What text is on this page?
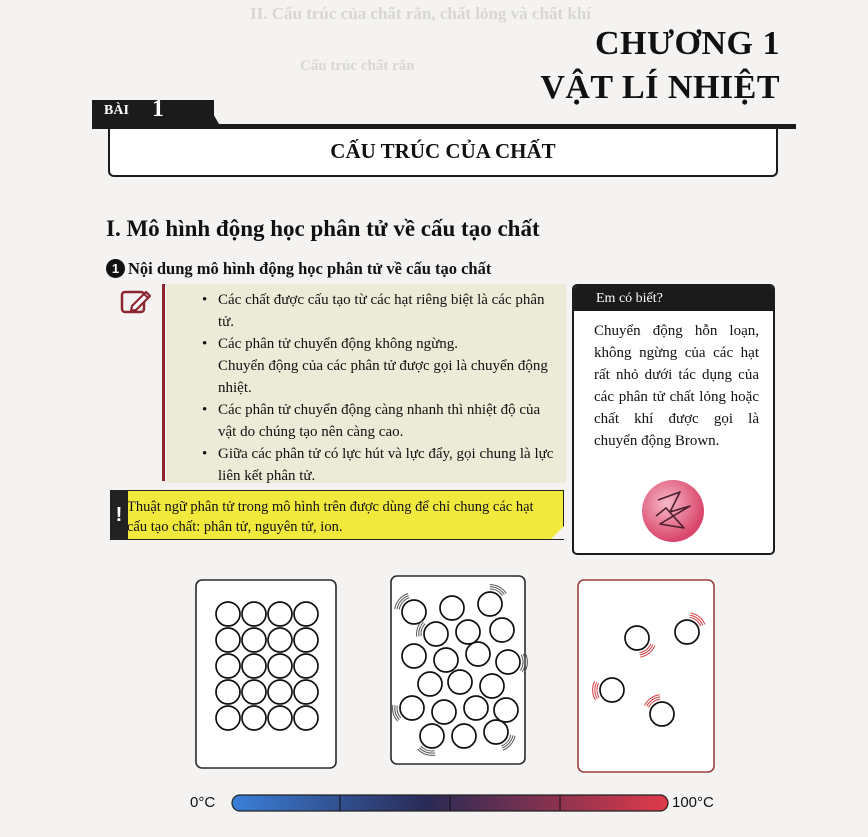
II. Cấu trúc của chất rắn, chất lỏng và chất khí
Cấu trúc chất rắn
CHƯƠNG 1
VẬT LÍ NHIỆT
BÀI 1
CẤU TRÚC CỦA CHẤT
I. Mô hình động học phân tử về cấu tạo chất
1 Nội dung mô hình động học phân tử về cấu tạo chất
• Các chất được cấu tạo từ các hạt riêng biệt là các phân tử.
• Các phân tử chuyển động không ngừng.
Chuyển động của các phân tử được gọi là chuyển động nhiệt.
• Các phân tử chuyển động càng nhanh thì nhiệt độ của vật do chúng tạo nên càng cao.
• Giữa các phân tử có lực hút và lực đẩy, gọi chung là lực liên kết phân tử.
! Thuật ngữ phân tử trong mô hình trên được dùng để chỉ chung các hạt cấu tạo chất: phân tử, nguyên tử, ion.
Em có biết?
Chuyển động hỗn loạn, không ngừng của các hạt rất nhỏ dưới tác dụng của các phân tử chất lỏng hoặc chất khí được gọi là chuyển động Brown.
0°C	100°C
